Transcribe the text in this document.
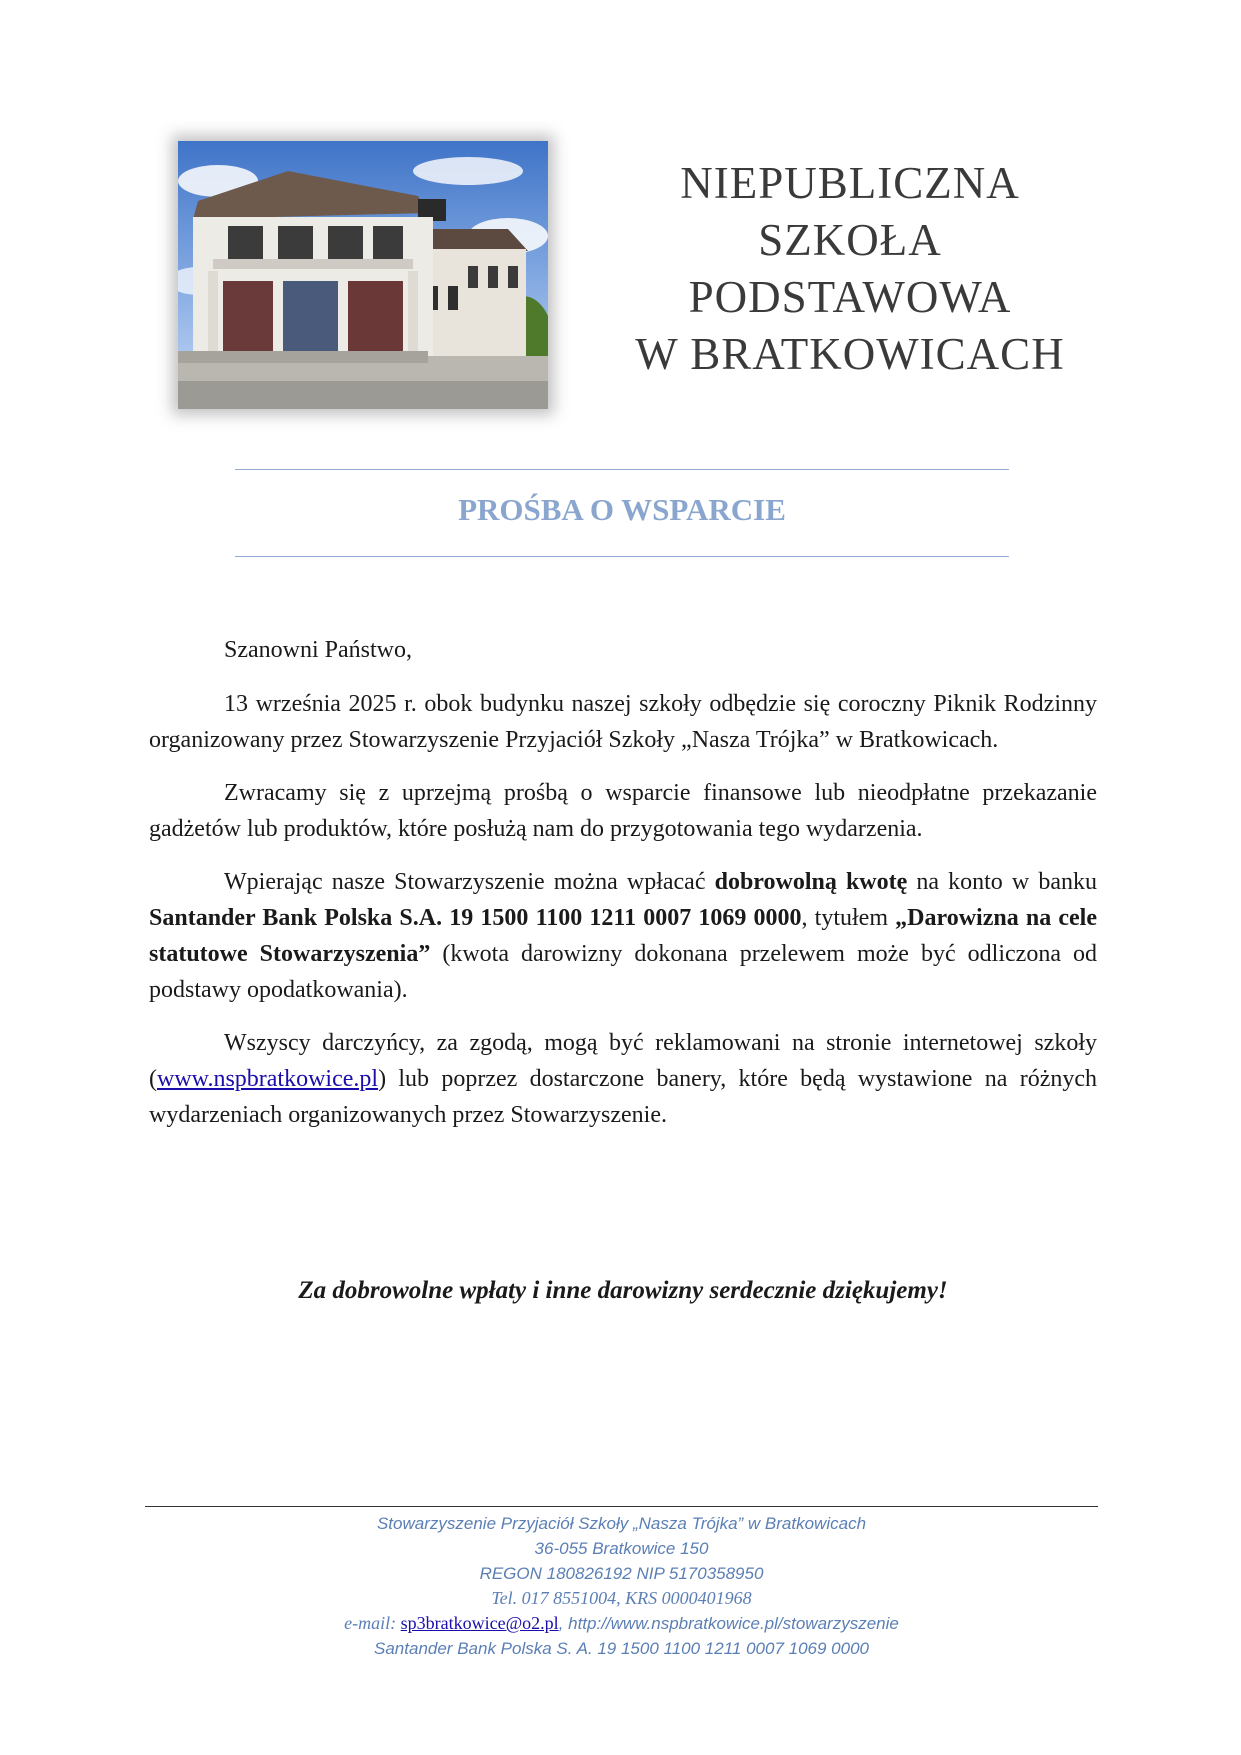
NIEPUBLICZNA
SZKOŁA
PODSTAWOWA
W BRATKOWICACH
PROŚBA O WSPARCIE

Szanowni Państwo,

13 września 2025 r. obok budynku naszej szkoły odbędzie się coroczny Piknik Rodzinny organizowany przez Stowarzyszenie Przyjaciół Szkoły „Nasza Trójka” w Bratkowicach.

Zwracamy się z uprzejmą prośbą o wsparcie finansowe lub nieodpłatne przekazanie gadżetów lub produktów, które posłużą nam do przygotowania tego wydarzenia.

Wpierając nasze Stowarzyszenie można wpłacać dobrowolną kwotę na konto w banku Santander Bank Polska S.A. 19 1500 1100 1211 0007 1069 0000, tytułem „Darowizna na cele statutowe Stowarzyszenia” (kwota darowizny dokonana przelewem może być odliczona od podstawy opodatkowania).

Wszyscy darczyńcy, za zgodą, mogą być reklamowani na stronie internetowej szkoły (www.nspbratkowice.pl) lub poprzez dostarczone banery, które będą wystawione na różnych wydarzeniach organizowanych przez Stowarzyszenie.

Za dobrowolne wpłaty i inne darowizny serdecznie dziękujemy!
Stowarzyszenie Przyjaciół Szkoły „Nasza Trójka” w Bratkowicach
36-055 Bratkowice 150
REGON 180826192 NIP 5170358950
Tel. 017 8551004, KRS 0000401968
e-mail: sp3bratkowice@o2.pl, http://www.nspbratkowice.pl/stowarzyszenie
Santander Bank Polska S. A. 19 1500 1100 1211 0007 1069 0000
